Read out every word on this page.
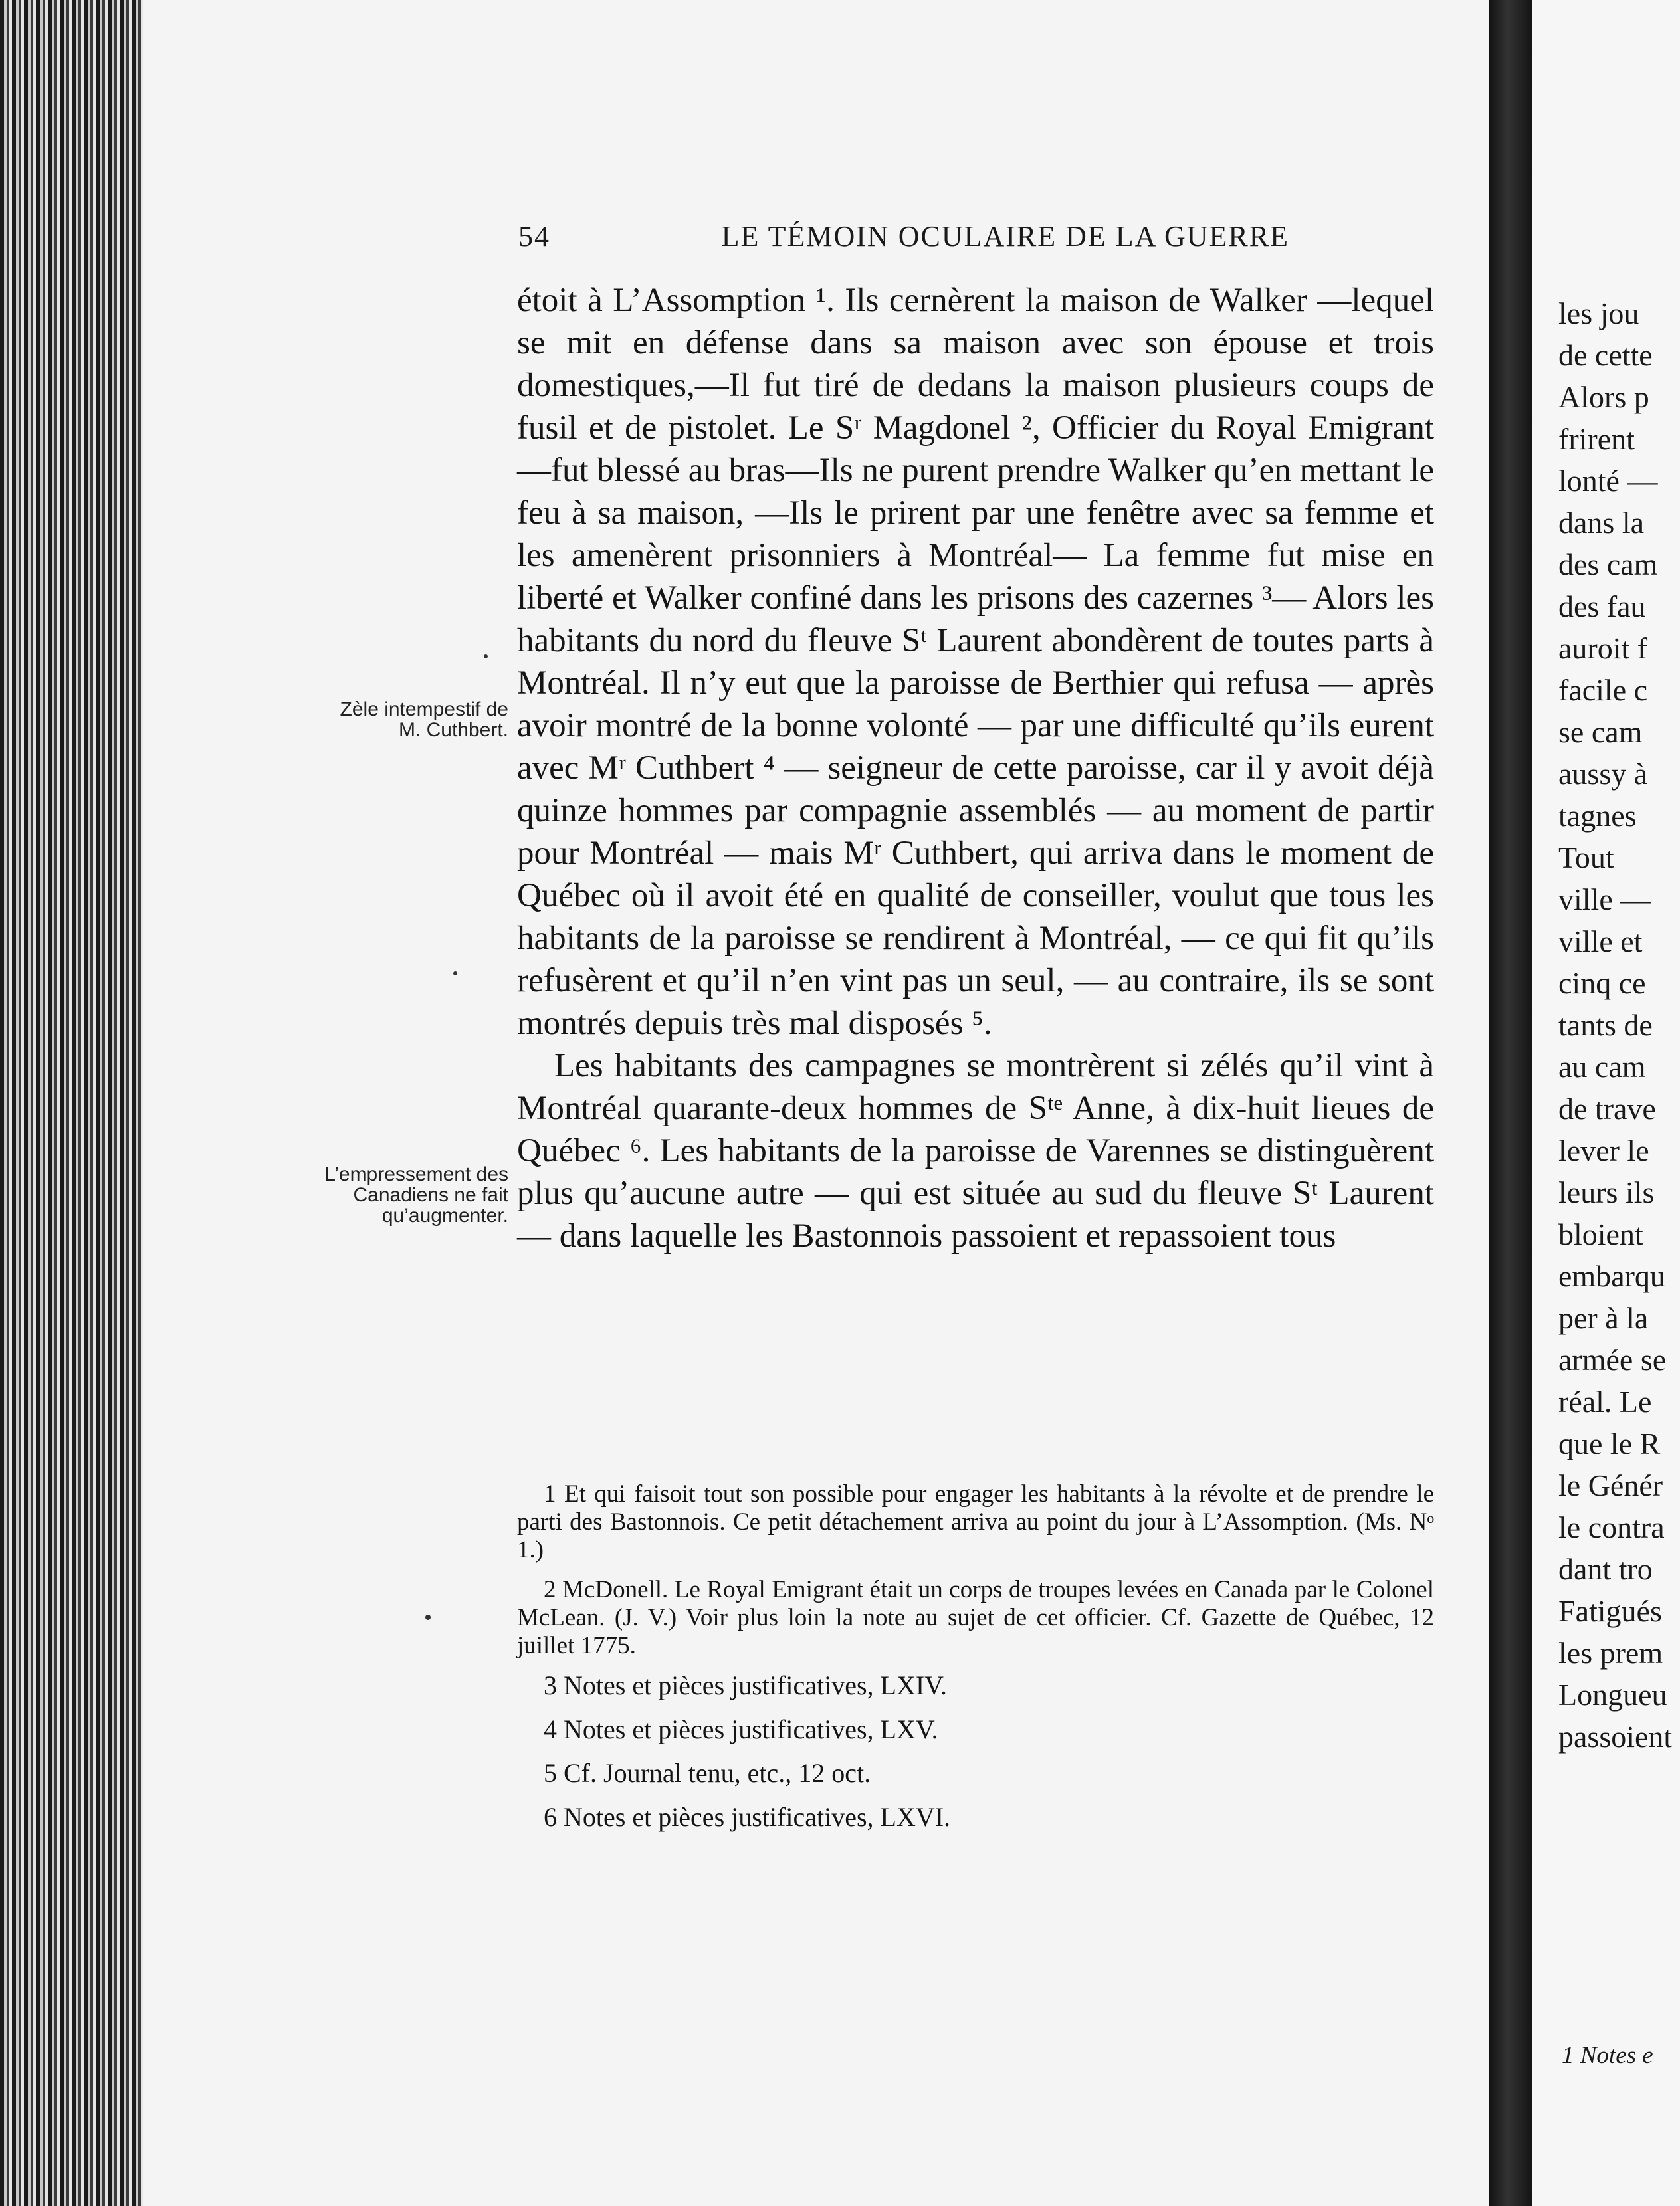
54	LE TÉMOIN OCULAIRE DE LA GUERRE
Zèle intempestif de M. Cuthbert.
L’empressement des Canadiens ne fait qu’augmenter.

étoit à L’Assomption ¹. Ils cernèrent la maison de Walker —lequel se mit en défense dans sa maison avec son épouse et trois domestiques,—Il fut tiré de dedans la maison plusieurs coups de fusil et de pistolet. Le Sʳ Magdonel ², Officier du Royal Emigrant—fut blessé au bras—Ils ne purent prendre Walker qu’en mettant le feu à sa maison, —Ils le prirent par une fenêtre avec sa femme et les amenèrent prisonniers à Montréal— La femme fut mise en liberté et Walker confiné dans les prisons des cazernes ³— Alors les habitants du nord du fleuve Sᵗ Laurent abondèrent de toutes parts à Montréal. Il n’y eut que la paroisse de Berthier qui refusa — après avoir montré de la bonne volonté — par une difficulté qu’ils eurent avec Mʳ Cuthbert ⁴ — seigneur de cette paroisse, car il y avoit déjà quinze hommes par compagnie assemblés — au moment de partir pour Montréal — mais Mʳ Cuthbert, qui arriva dans le moment de Québec où il avoit été en qualité de conseiller, voulut que tous les habitants de la paroisse se rendirent à Montréal, — ce qui fit qu’ils refusèrent et qu’il n’en vint pas un seul, — au contraire, ils se sont montrés depuis très mal disposés ⁵.

Les habitants des campagnes se montrèrent si zélés qu’il vint à Montréal quarante-deux hommes de Sᵗᵉ Anne, à dix-huit lieues de Québec ⁶. Les habitants de la paroisse de Varennes se distinguèrent plus qu’aucune autre — qui est située au sud du fleuve Sᵗ Laurent— dans laquelle les Bastonnois passoient et repassoient tous

1 Et qui faisoit tout son possible pour engager les habitants à la révolte et de prendre le parti des Bastonnois. Ce petit détachement arriva au point du jour à L’Assomption. (Ms. Nᵒ 1.)

2 McDonell. Le Royal Emigrant était un corps de troupes levées en Canada par le Colonel McLean. (J. V.) Voir plus loin la note au sujet de cet officier. Cf. Gazette de Québec, 12 juillet 1775.

3 Notes et pièces justificatives, LXIV.

4 Notes et pièces justificatives, LXV.

5 Cf. Journal tenu, etc., 12 oct.

6 Notes et pièces justificatives, LXVI.

les jou
de cette
Alors p
frirent
lonté —
dans la
des cam
des fau
auroit f
facile c
se cam
aussy à
tagnes
Tout
ville —
ville et
cinq ce
tants de
au cam
de trave
lever le
leurs ils
bloient
embarqu
per à la
armée se
réal. Le
que le R
le Génér
le contra
dant tro
Fatigués
les prem
Longueu
passoient
1 Notes e
